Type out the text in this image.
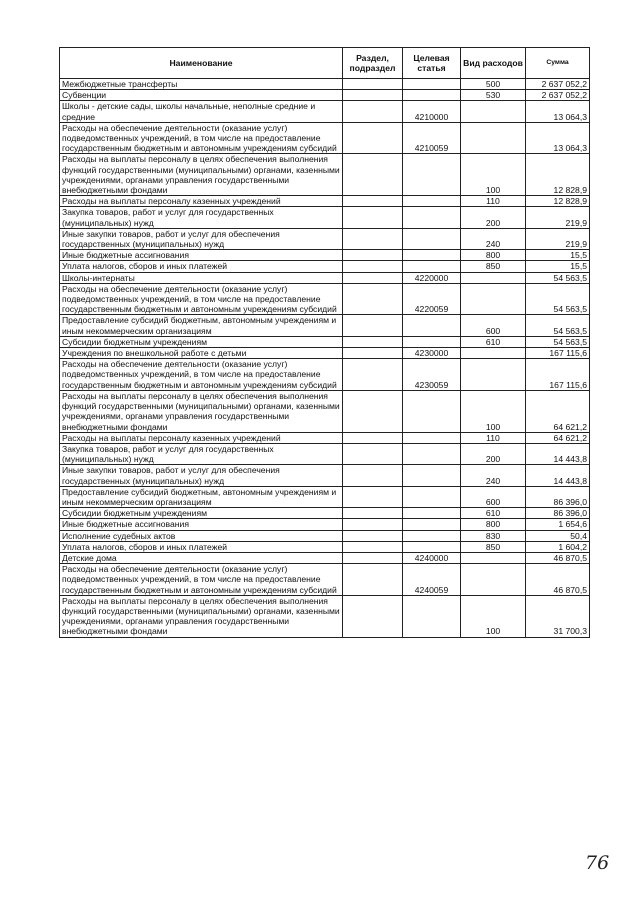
Наименование	Раздел, подраздел	Целевая статья	Вид расходов	Сумма
Межбюджетные трансферты			500	2 637 052,2
Субвенции			530	2 637 052,2
Школы - детские сады, школы начальные, неполные средние и средние		4210000		13 064,3
Расходы на обеспечение деятельности (оказание услуг) подведомственных учреждений, в том числе на предоставление государственным бюджетным и автономным учреждениям субсидий		4210059		13 064,3
Расходы на выплаты персоналу в целях обеспечения выполнения функций государственными (муниципальными) органами, казенными учреждениями, органами управления государственными внебюджетными фондами			100	12 828,9
Расходы на выплаты персоналу казенных учреждений			110	12 828,9
Закупка товаров, работ и услуг для государственных (муниципальных) нужд			200	219,9
Иные закупки товаров, работ и услуг для обеспечения государственных (муниципальных) нужд			240	219,9
Иные бюджетные ассигнования			800	15,5
Уплата налогов, сборов и иных платежей			850	15,5
Школы-интернаты		4220000		54 563,5
Расходы на обеспечение деятельности (оказание услуг) подведомственных учреждений, в том числе на предоставление государственным бюджетным и автономным учреждениям субсидий		4220059		54 563,5
Предоставление субсидий бюджетным, автономным учреждениям и иным некоммерческим организациям			600	54 563,5
Субсидии бюджетным учреждениям			610	54 563,5
Учреждения по внешкольной работе с детьми		4230000		167 115,6
Расходы на обеспечение деятельности (оказание услуг) подведомственных учреждений, в том числе на предоставление государственным бюджетным и автономным учреждениям субсидий		4230059		167 115,6
Расходы на выплаты персоналу в целях обеспечения выполнения функций государственными (муниципальными) органами, казенными учреждениями, органами управления государственными внебюджетными фондами			100	64 621,2
Расходы на выплаты персоналу казенных учреждений			110	64 621,2
Закупка товаров, работ и услуг для государственных (муниципальных) нужд			200	14 443,8
Иные закупки товаров, работ и услуг для обеспечения государственных (муниципальных) нужд			240	14 443,8
Предоставление субсидий бюджетным, автономным учреждениям и иным некоммерческим организациям			600	86 396,0
Субсидии бюджетным учреждениям			610	86 396,0
Иные бюджетные ассигнования			800	1 654,6
Исполнение судебных актов			830	50,4
Уплата налогов, сборов и иных платежей			850	1 604,2
Детские дома		4240000		46 870,5
Расходы на обеспечение деятельности (оказание услуг) подведомственных учреждений, в том числе на предоставление государственным бюджетным и автономным учреждениям субсидий		4240059		46 870,5
Расходы на выплаты персоналу в целях обеспечения выполнения функций государственными (муниципальными) органами, казенными учреждениями, органами управления государственными внебюджетными фондами			100	31 700,3
76
